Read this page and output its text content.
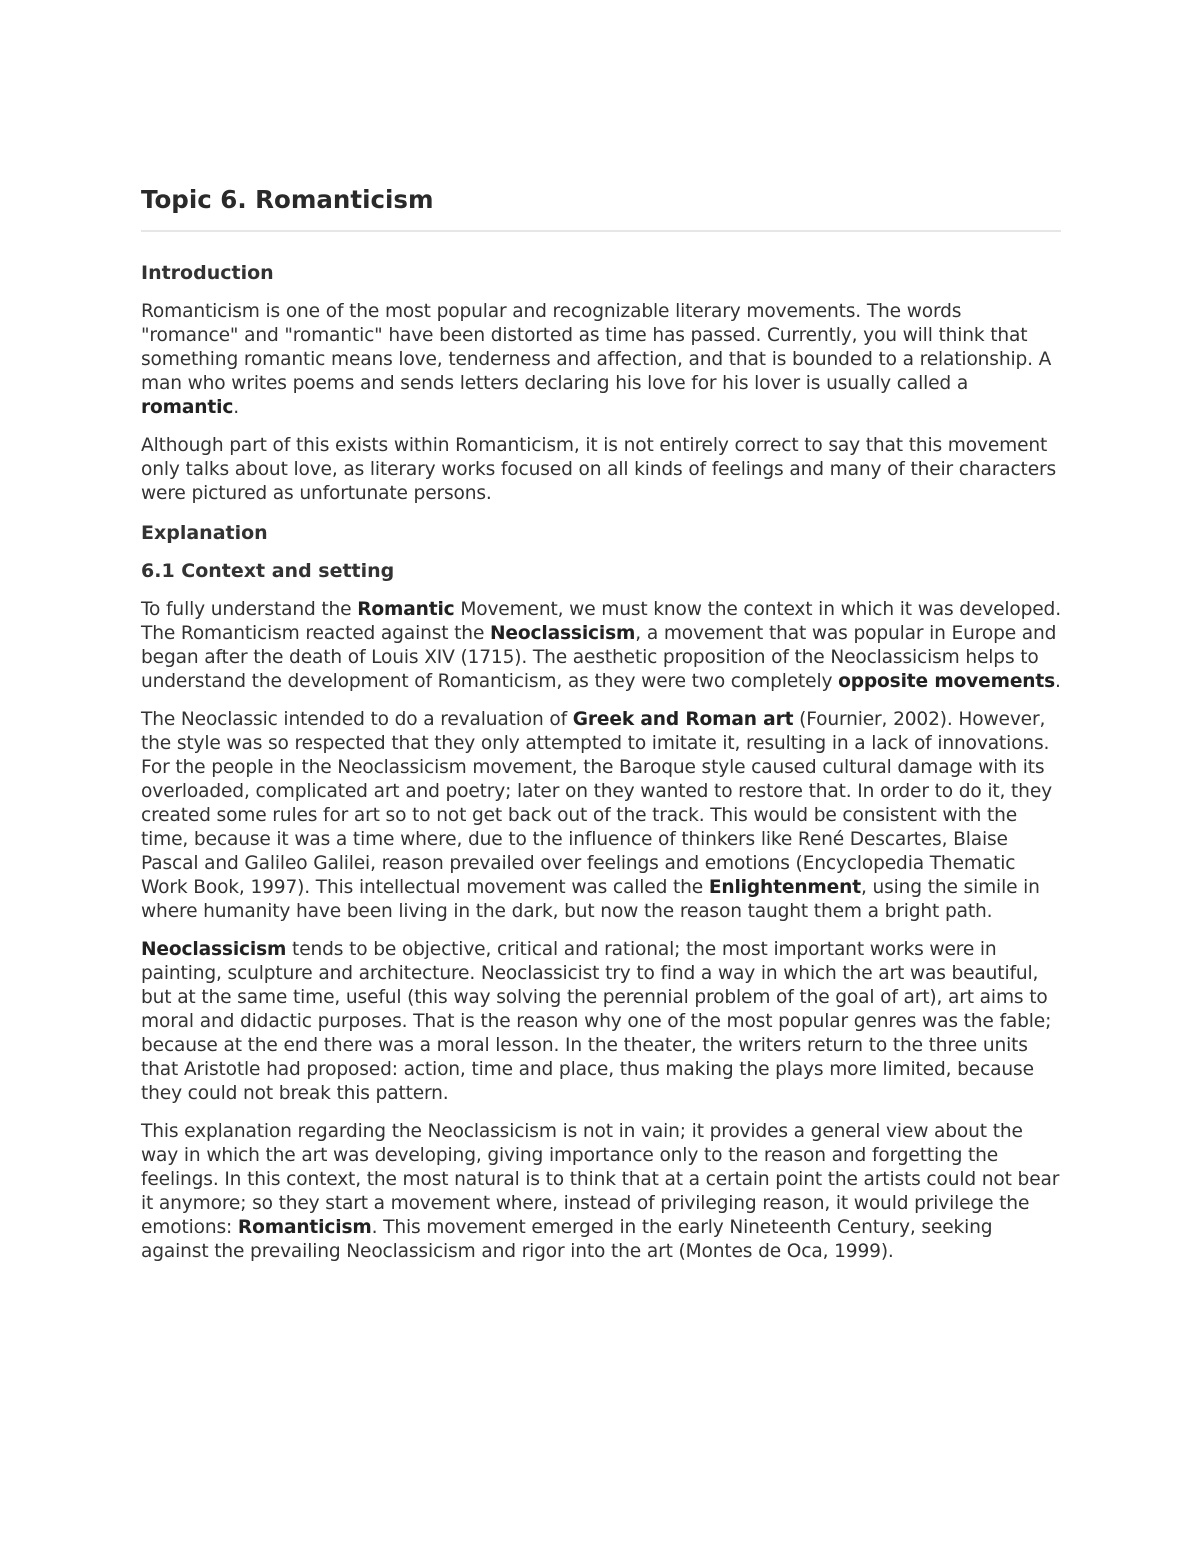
Topic 6. Romanticism
Introduction

Romanticism is one of the most popular and recognizable literary movements. The words "romance" and "romantic" have been distorted as time has passed. Currently, you will think that something romantic means love, tenderness and affection, and that is bounded to a relationship. A man who writes poems and sends letters declaring his love for his lover is usually called a romantic.

Although part of this exists within Romanticism, it is not entirely correct to say that this movement only talks about love, as literary works focused on all kinds of feelings and many of their characters were pictured as unfortunate persons.

Explanation
6.1 Context and setting

To fully understand the Romantic Movement, we must know the context in which it was developed. The Romanticism reacted against the Neoclassicism, a movement that was popular in Europe and began after the death of Louis XIV (1715). The aesthetic proposition of the Neoclassicism helps to understand the development of Romanticism, as they were two completely opposite movements.

The Neoclassic intended to do a revaluation of Greek and Roman art (Fournier, 2002). However, the style was so respected that they only attempted to imitate it, resulting in a lack of innovations. For the people in the Neoclassicism movement, the Baroque style caused cultural damage with its overloaded, complicated art and poetry; later on they wanted to restore that. In order to do it, they created some rules for art so to not get back out of the track. This would be consistent with the time, because it was a time where, due to the influence of thinkers like René Descartes, Blaise Pascal and Galileo Galilei, reason prevailed over feelings and emotions (Encyclopedia Thematic Work Book, 1997). This intellectual movement was called the Enlightenment, using the simile in where humanity have been living in the dark, but now the reason taught them a bright path.

Neoclassicism tends to be objective, critical and rational; the most important works were in painting, sculpture and architecture. Neoclassicist try to find a way in which the art was beautiful, but at the same time, useful (this way solving the perennial problem of the goal of art), art aims to moral and didactic purposes. That is the reason why one of the most popular genres was the fable; because at the end there was a moral lesson. In the theater, the writers return to the three units that Aristotle had proposed: action, time and place, thus making the plays more limited, because they could not break this pattern.

This explanation regarding the Neoclassicism is not in vain; it provides a general view about the way in which the art was developing, giving importance only to the reason and forgetting the feelings. In this context, the most natural is to think that at a certain point the artists could not bear it anymore; so they start a movement where, instead of privileging reason, it would privilege the emotions: Romanticism. This movement emerged in the early Nineteenth Century, seeking against the prevailing Neoclassicism and rigor into the art (Montes de Oca, 1999).
